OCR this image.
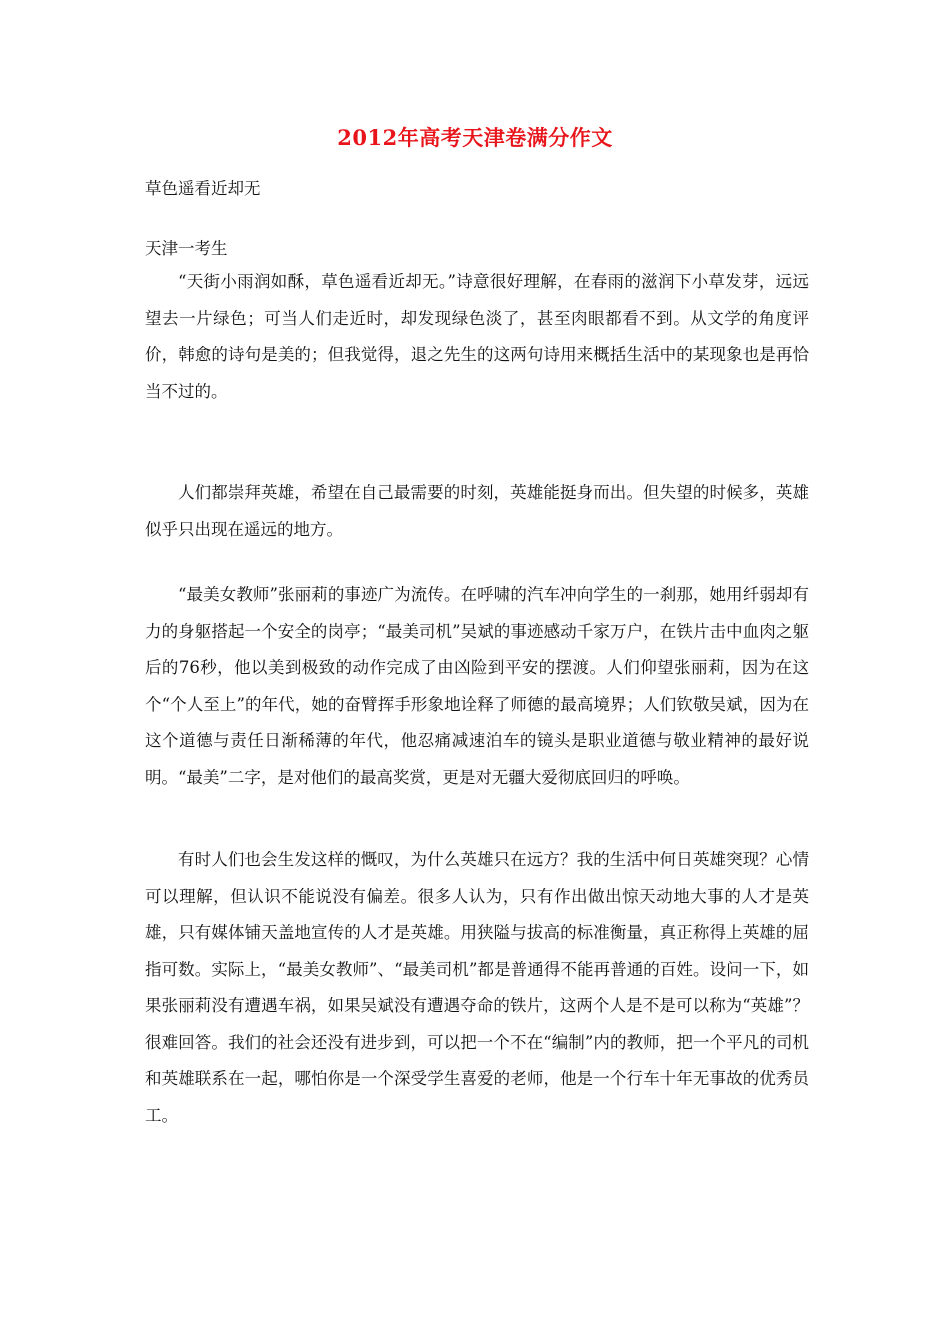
2012年高考天津卷满分作文
草色遥看近却无
天津一考生

“天街小雨润如酥，草色遥看近却无。”诗意很好理解，在春雨的滋润下小草发芽，远远望去一片绿色；可当人们走近时，却发现绿色淡了，甚至肉眼都看不到。从文学的角度评价，韩愈的诗句是美的；但我觉得，退之先生的这两句诗用来概括生活中的某现象也是再恰当不过的。

人们都崇拜英雄，希望在自己最需要的时刻，英雄能挺身而出。但失望的时候多，英雄似乎只出现在遥远的地方。

“最美女教师”张丽莉的事迹广为流传。在呼啸的汽车冲向学生的一刹那，她用纤弱却有力的身躯搭起一个安全的岗亭；“最美司机”吴斌的事迹感动千家万户，在铁片击中血肉之躯后的76秒，他以美到极致的动作完成了由凶险到平安的摆渡。人们仰望张丽莉，因为在这个“个人至上”的年代，她的奋臂挥手形象地诠释了师德的最高境界；人们钦敬吴斌，因为在这个道德与责任日渐稀薄的年代，他忍痛减速泊车的镜头是职业道德与敬业精神的最好说明。“最美”二字，是对他们的最高奖赏，更是对无疆大爱彻底回归的呼唤。

有时人们也会生发这样的慨叹，为什么英雄只在远方？我的生活中何日英雄突现？心情可以理解，但认识不能说没有偏差。很多人认为，只有作出做出惊天动地大事的人才是英雄，只有媒体铺天盖地宣传的人才是英雄。用狭隘与拔高的标准衡量，真正称得上英雄的屈指可数。实际上，“最美女教师”、“最美司机”都是普通得不能再普通的百姓。设问一下，如果张丽莉没有遭遇车祸，如果吴斌没有遭遇夺命的铁片，这两个人是不是可以称为“英雄”？很难回答。我们的社会还没有进步到，可以把一个不在“编制”内的教师，把一个平凡的司机和英雄联系在一起，哪怕你是一个深受学生喜爱的老师，他是一个行车十年无事故的优秀员工。
